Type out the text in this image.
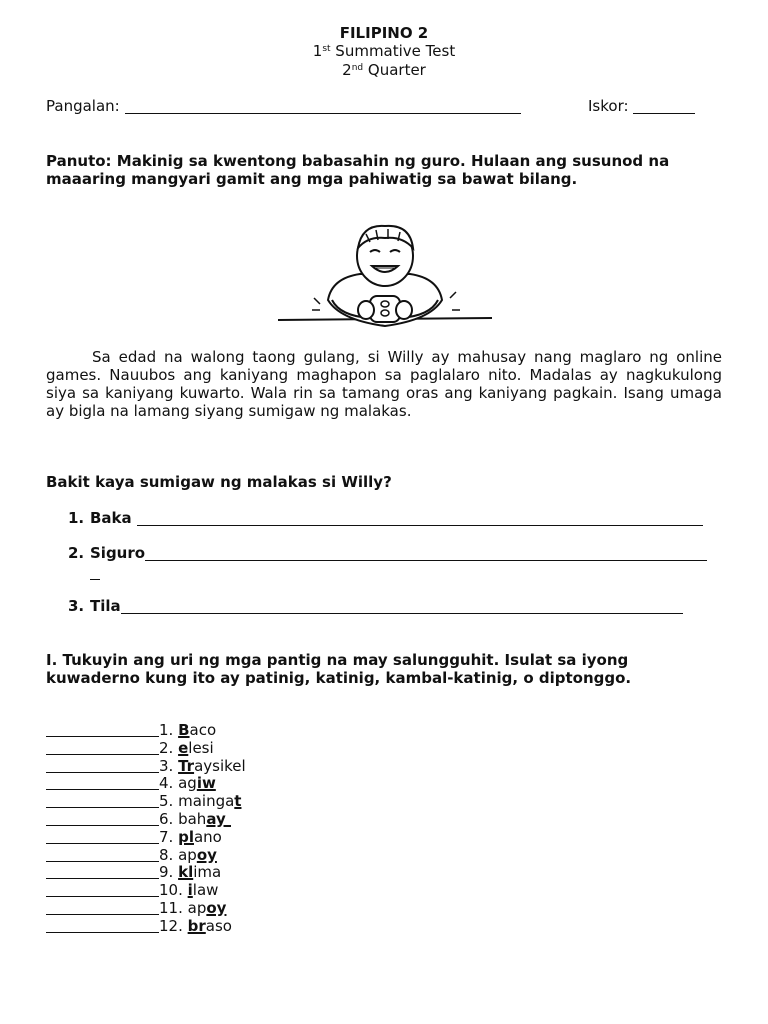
FILIPINO 2
1st Summative Test
2nd Quarter
Pangalan:	Iskor:
Panuto: Makinig sa kwentong babasahin ng guro. Hulaan ang susunod na maaaring mangyari gamit ang mga pahiwatig sa bawat bilang.

Sa edad na walong taong gulang, si Willy ay mahusay nang maglaro ng online games. Nauubos ang kaniyang maghapon sa paglalaro nito. Madalas ay nagkukulong siya sa kaniyang kuwarto. Wala rin sa tamang oras ang kaniyang pagkain. Isang umaga ay bigla na lamang siyang sumigaw ng malakas.

Bakit kaya sumigaw ng malakas si Willy?
1. Baka
2. Siguro
3. Tila
I. Tukuyin ang uri ng mga pantig na may salungguhit. Isulat sa iyong kuwaderno kung ito ay patinig, katinig, kambal-katinig, o diptonggo.
1. Baco
2. elesi
3. Traysikel
4. agiw
5. maingat
6. bahay
7. plano
8. apoy
9. klima
10. ilaw
11. apoy
12. braso
